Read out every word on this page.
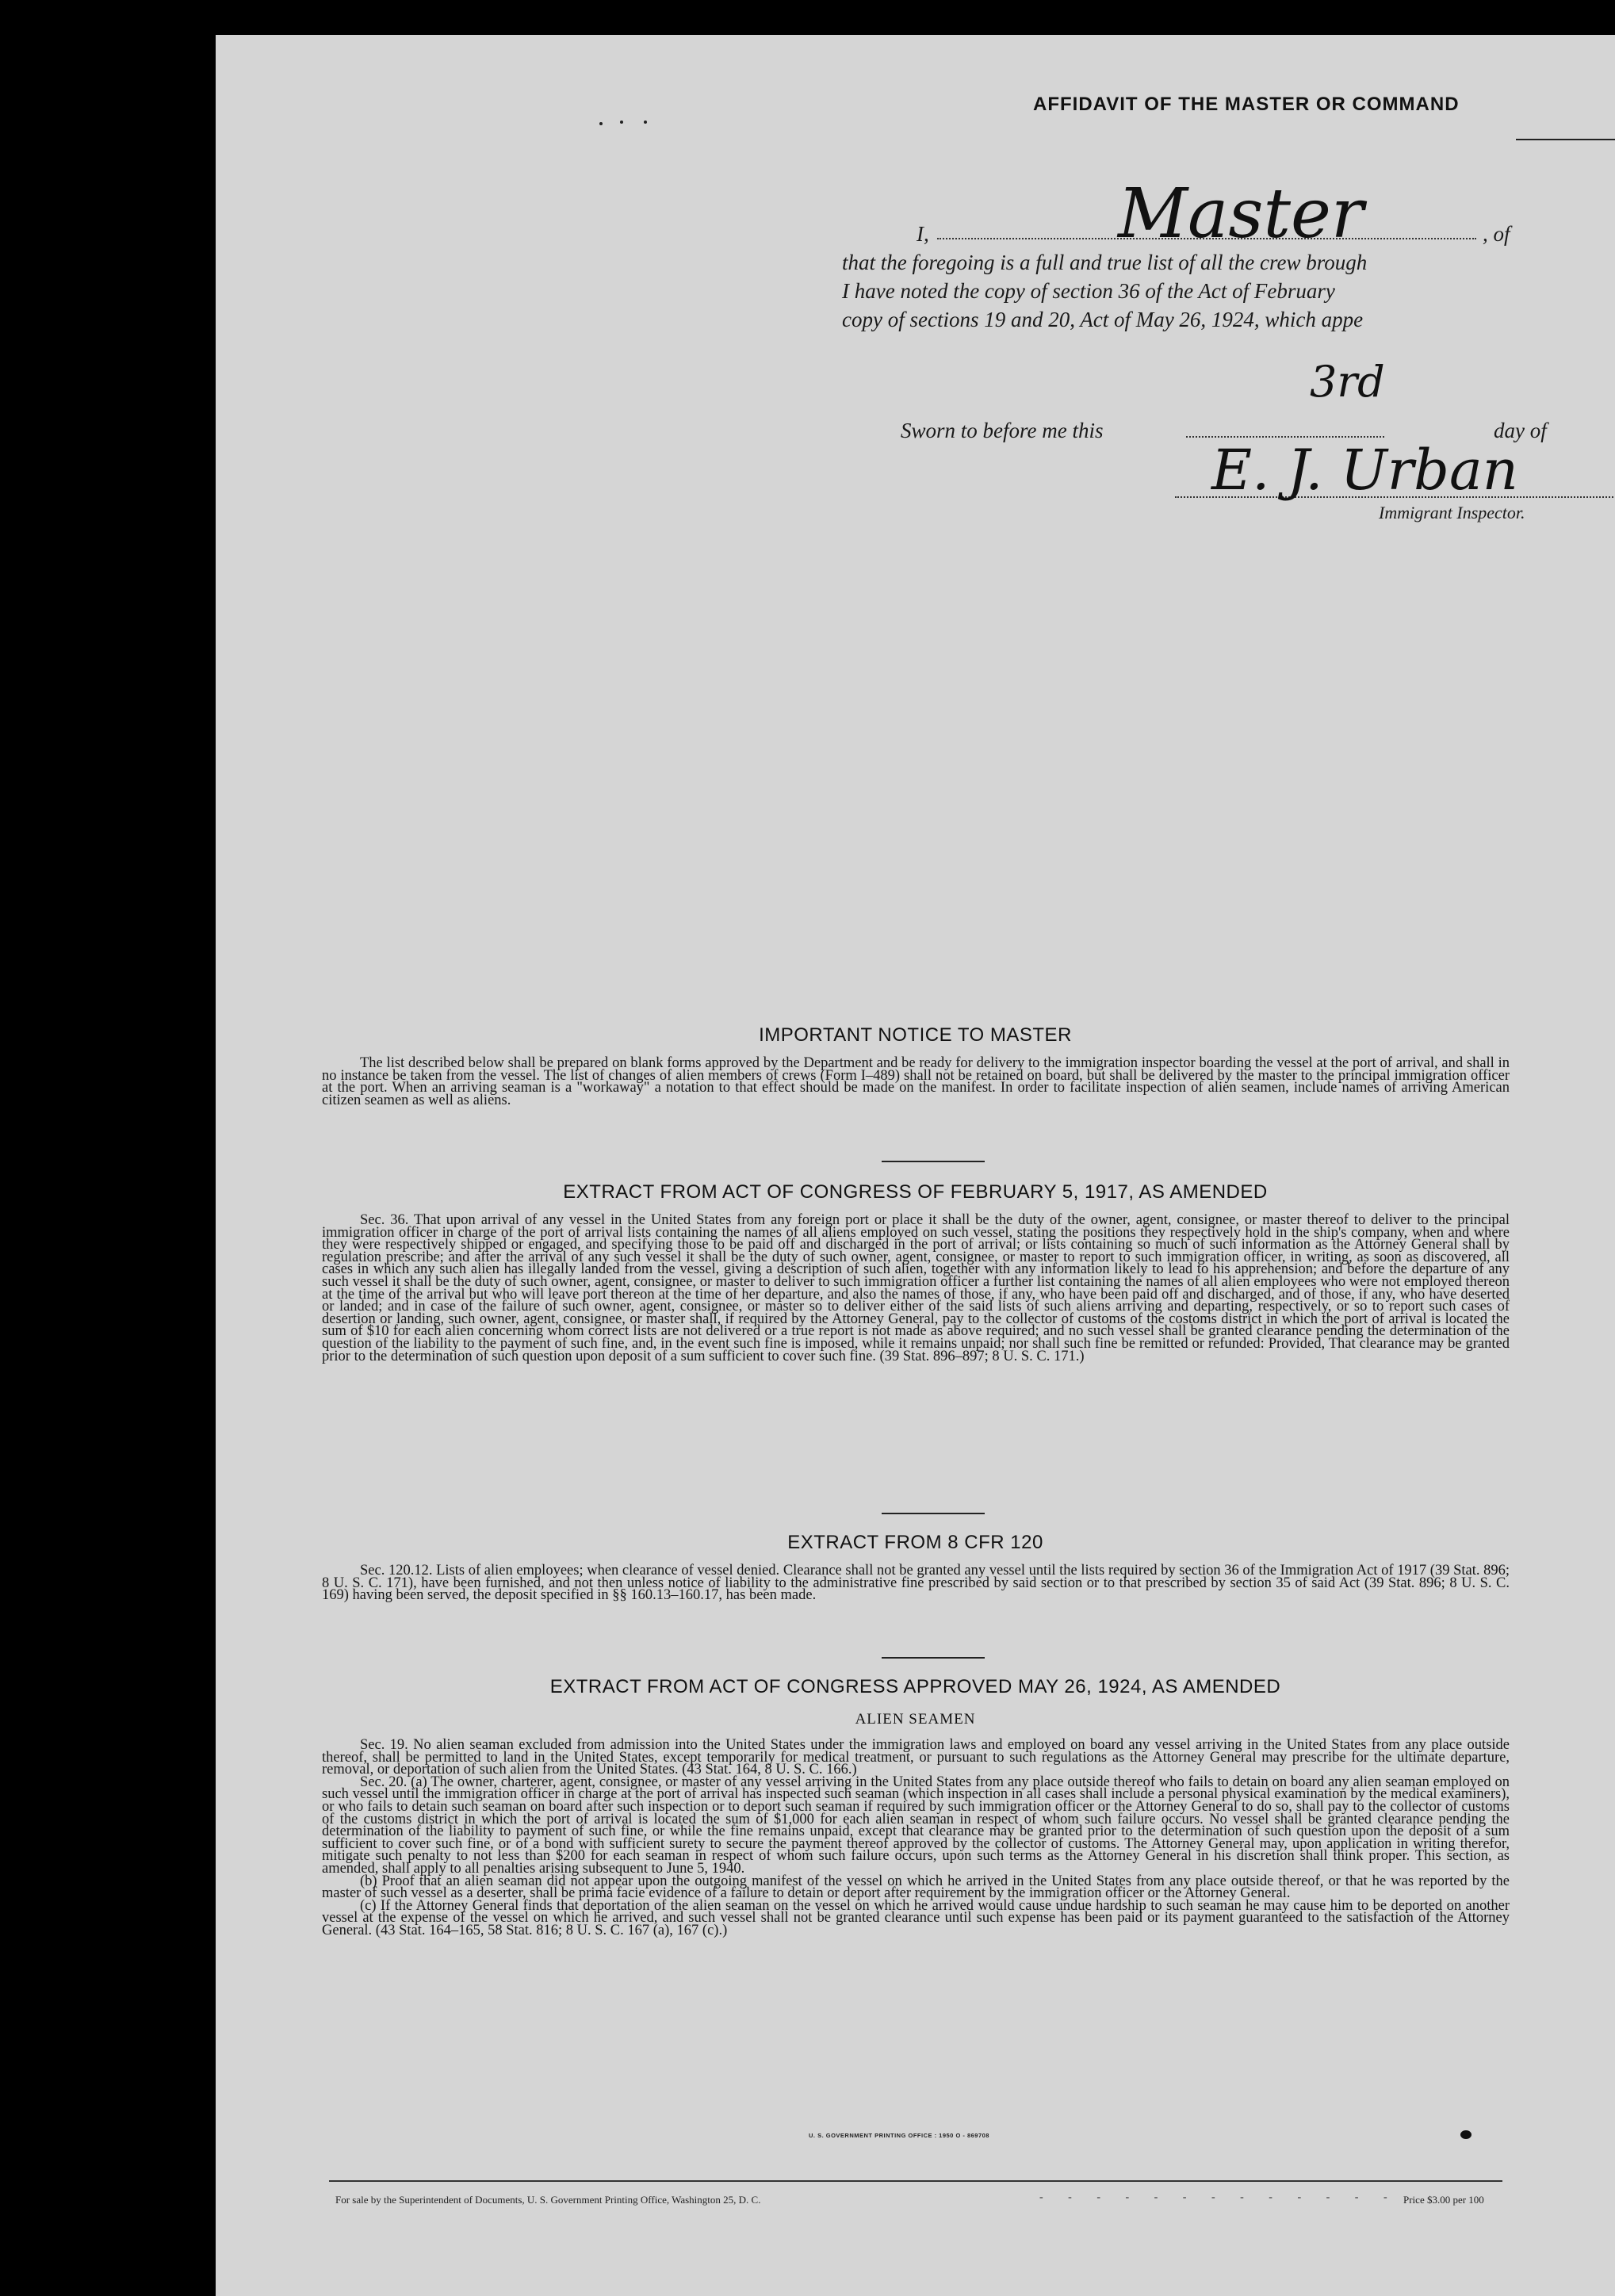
AFFIDAVIT OF THE MASTER OR COMMAND
I,	Master	, of
that the foregoing is a full and true list of all the crew brough
I have noted the copy of section 36 of the Act of February
copy of sections 19 and 20, Act of May 26, 1924, which appe
Sworn to before me this
3rd
day of
E. J. Urban
Immigrant Inspector.
IMPORTANT NOTICE TO MASTER

The list described below shall be prepared on blank forms approved by the Department and be ready for delivery to the immigration inspector boarding the vessel at the port of arrival, and shall in no instance be taken from the vessel. The list of changes of alien members of crews (Form I–489) shall not be retained on board, but shall be delivered by the master to the principal immigration officer at the port. When an arriving seaman is a "workaway" a notation to that effect should be made on the manifest. In order to facilitate inspection of alien seamen, include names of arriving American citizen seamen as well as aliens.

EXTRACT FROM ACT OF CONGRESS OF FEBRUARY 5, 1917, AS AMENDED

Sec. 36. That upon arrival of any vessel in the United States from any foreign port or place it shall be the duty of the owner, agent, consignee, or master thereof to deliver to the principal immigration officer in charge of the port of arrival lists containing the names of all aliens employed on such vessel, stating the positions they respectively hold in the ship's company, when and where they were respectively shipped or engaged, and specifying those to be paid off and discharged in the port of arrival; or lists containing so much of such information as the Attorney General shall by regulation prescribe; and after the arrival of any such vessel it shall be the duty of such owner, agent, consignee, or master to report to such immigration officer, in writing, as soon as discovered, all cases in which any such alien has illegally landed from the vessel, giving a description of such alien, together with any information likely to lead to his apprehension; and before the departure of any such vessel it shall be the duty of such owner, agent, consignee, or master to deliver to such immigration officer a further list containing the names of all alien employees who were not employed thereon at the time of the arrival but who will leave port thereon at the time of her departure, and also the names of those, if any, who have been paid off and discharged, and of those, if any, who have deserted or landed; and in case of the failure of such owner, agent, consignee, or master so to deliver either of the said lists of such aliens arriving and departing, respectively, or so to report such cases of desertion or landing, such owner, agent, consignee, or master shall, if required by the Attorney General, pay to the collector of customs of the costoms district in which the port of arrival is located the sum of $10 for each alien concerning whom correct lists are not delivered or a true report is not made as above required; and no such vessel shall be granted clearance pending the determination of the question of the liability to the payment of such fine, and, in the event such fine is imposed, while it remains unpaid; nor shall such fine be remitted or refunded: Provided, That clearance may be granted prior to the determination of such question upon deposit of a sum sufficient to cover such fine. (39 Stat. 896–897; 8 U. S. C. 171.)

EXTRACT FROM 8 CFR 120

Sec. 120.12. Lists of alien employees; when clearance of vessel denied. Clearance shall not be granted any vessel until the lists required by section 36 of the Immigration Act of 1917 (39 Stat. 896; 8 U. S. C. 171), have been furnished, and not then unless notice of liability to the administrative fine prescribed by said section or to that prescribed by section 35 of said Act (39 Stat. 896; 8 U. S. C. 169) having been served, the deposit specified in §§ 160.13–160.17, has been made.

EXTRACT FROM ACT OF CONGRESS APPROVED MAY 26, 1924, AS AMENDED
ALIEN SEAMEN

Sec. 19. No alien seaman excluded from admission into the United States under the immigration laws and employed on board any vessel arriving in the United States from any place outside thereof, shall be permitted to land in the United States, except temporarily for medical treatment, or pursuant to such regulations as the Attorney General may prescribe for the ultimate departure, removal, or deportation of such alien from the United States. (43 Stat. 164, 8 U. S. C. 166.)

Sec. 20. (a) The owner, charterer, agent, consignee, or master of any vessel arriving in the United States from any place outside thereof who fails to detain on board any alien seaman employed on such vessel until the immigration officer in charge at the port of arrival has inspected such seaman (which inspection in all cases shall include a personal physical examination by the medical examiners), or who fails to detain such seaman on board after such inspection or to deport such seaman if required by such immigration officer or the Attorney General to do so, shall pay to the collector of customs of the customs district in which the port of arrival is located the sum of $1,000 for each alien seaman in respect of whom such failure occurs. No vessel shall be granted clearance pending the determination of the liability to payment of such fine, or while the fine remains unpaid, except that clearance may be granted prior to the determination of such question upon the deposit of a sum sufficient to cover such fine, or of a bond with sufficient surety to secure the payment thereof approved by the collector of customs. The Attorney General may, upon application in writing therefor, mitigate such penalty to not less than $200 for each seaman in respect of whom such failure occurs, upon such terms as the Attorney General in his discretion shall think proper. This section, as amended, shall apply to all penalties arising subsequent to June 5, 1940.

(b) Proof that an alien seaman did not appear upon the outgoing manifest of the vessel on which he arrived in the United States from any place outside thereof, or that he was reported by the master of such vessel as a deserter, shall be prima facie evidence of a failure to detain or deport after requirement by the immigration officer or the Attorney General.

(c) If the Attorney General finds that deportation of the alien seaman on the vessel on which he arrived would cause undue hardship to such seaman he may cause him to be deported on another vessel at the expense of the vessel on which he arrived, and such vessel shall not be granted clearance until such expense has been paid or its payment guaranteed to the satisfaction of the Attorney General. (43 Stat. 164–165, 58 Stat. 816; 8 U. S. C. 167 (a), 167 (c).)

U. S. GOVERNMENT PRINTING OFFICE : 1950 O - 869708
For sale by the Superintendent of Documents, U. S. Government Printing Office, Washington 25, D. C.	- - - - - - - - - - - - - Price $3.00 per 100
